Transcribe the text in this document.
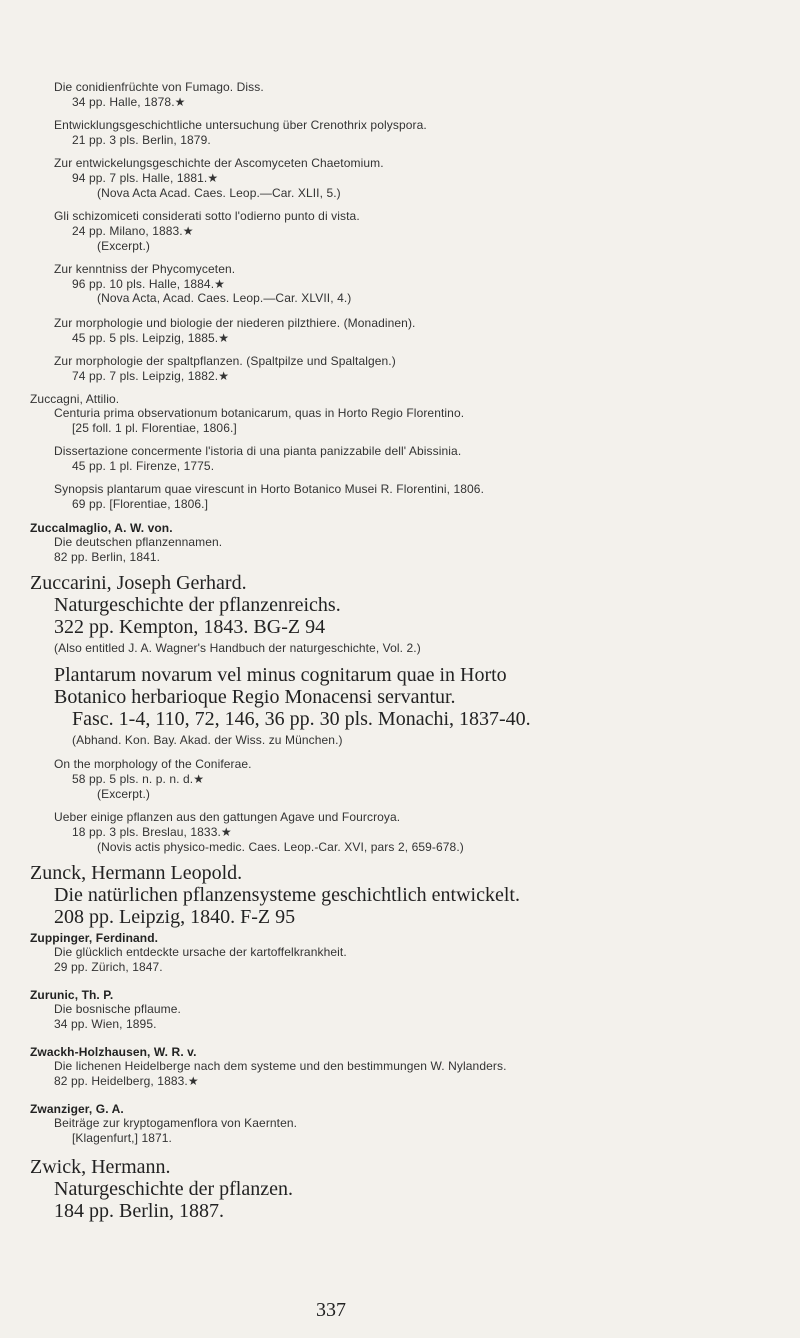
Die conidienfrüchte von Fumago. Diss.

34 pp. Halle, 1878.★

Entwicklungsgeschichtliche untersuchung über Crenothrix polyspora.

21 pp. 3 pls. Berlin, 1879.

Zur entwickelungsgeschichte der Ascomyceten Chaetomium.

94 pp. 7 pls. Halle, 1881.★

(Nova Acta Acad. Caes. Leop.—Car. XLII, 5.)

Gli schizomiceti considerati sotto l'odierno punto di vista.

24 pp. Milano, 1883.★

(Excerpt.)

Zur kenntniss der Phycomyceten.

96 pp. 10 pls. Halle, 1884.★

(Nova Acta, Acad. Caes. Leop.—Car. XLVII, 4.)

Zur morphologie und biologie der niederen pilzthiere. (Monadinen).

45 pp. 5 pls. Leipzig, 1885.★

Zur morphologie der spaltpflanzen. (Spaltpilze und Spaltalgen.)

74 pp. 7 pls. Leipzig, 1882.★

Zuccagni, Attilio.

Centuria prima observationum botanicarum, quas in Horto Regio Florentino.

[25 foll. 1 pl. Florentiae, 1806.]

Dissertazione concermente l'istoria di una pianta panizzabile dell' Abissinia.

45 pp. 1 pl. Firenze, 1775.

Synopsis plantarum quae virescunt in Horto Botanico Musei R. Florentini, 1806.

69 pp. [Florentiae, 1806.]

Zuccalmaglio, A. W. von.

Die deutschen pflanzennamen.

82 pp. Berlin, 1841.

Zuccarini, Joseph Gerhard.

Naturgeschichte der pflanzenreichs.

322 pp. Kempton, 1843. BG-Z 94

(Also entitled J. A. Wagner's Handbuch der naturgeschichte, Vol. 2.)

Plantarum novarum vel minus cognitarum quae in Horto

Botanico herbarioque Regio Monacensi servantur.

Fasc. 1-4, 110, 72, 146, 36 pp. 30 pls. Monachi, 1837-40.

(Abhand. Kon. Bay. Akad. der Wiss. zu München.)

On the morphology of the Coniferae.

58 pp. 5 pls. n. p. n. d.★

(Excerpt.)

Ueber einige pflanzen aus den gattungen Agave und Fourcroya.

18 pp. 3 pls. Breslau, 1833.★

(Novis actis physico-medic. Caes. Leop.-Car. XVI, pars 2, 659-678.)

Zunck, Hermann Leopold.

Die natürlichen pflanzensysteme geschichtlich entwickelt.

208 pp. Leipzig, 1840. F-Z 95

Zuppinger, Ferdinand.

Die glücklich entdeckte ursache der kartoffelkrankheit.

29 pp. Zürich, 1847.

Zurunic, Th. P.

Die bosnische pflaume.

34 pp. Wien, 1895.

Zwackh-Holzhausen, W. R. v.

Die lichenen Heidelberge nach dem systeme und den bestimmungen W. Nylanders.

82 pp. Heidelberg, 1883.★

Zwanziger, G. A.

Beiträge zur kryptogamenflora von Kaernten.

[Klagenfurt,] 1871.

Zwick, Hermann.

Naturgeschichte der pflanzen.

184 pp. Berlin, 1887.

337
